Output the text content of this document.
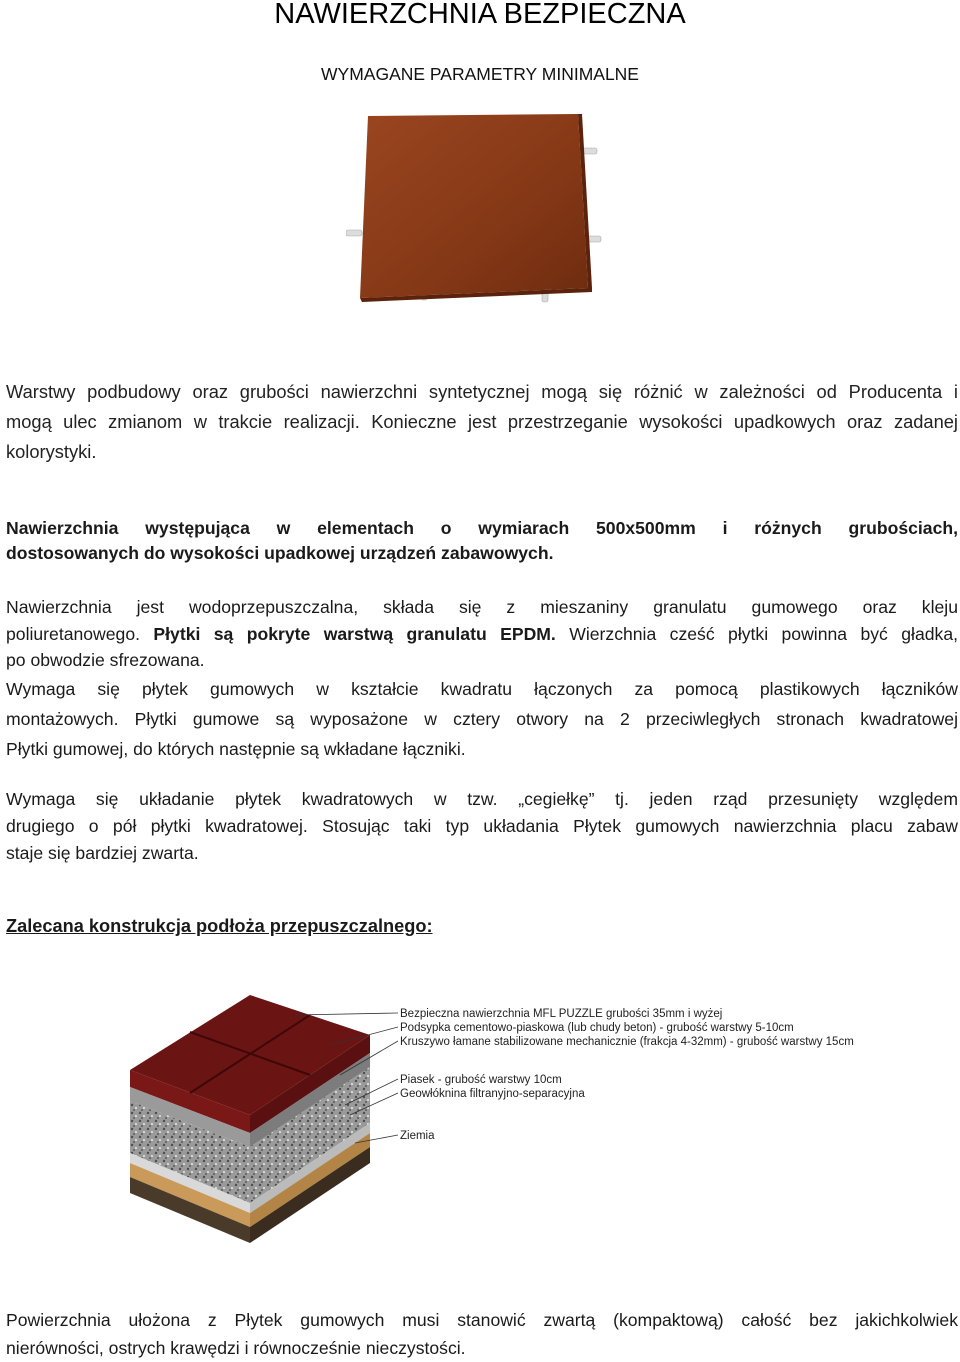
NAWIERZCHNIA BEZPIECZNA
WYMAGANE PARAMETRY MINIMALNE
Warstwy podbudowy oraz grubości nawierzchni syntetycznej mogą się różnić w zależności od Producenta i
mogą ulec zmianom w trakcie realizacji. Konieczne jest przestrzeganie wysokości upadkowych oraz zadanej
kolorystyki.
Nawierzchnia występująca w elementach o wymiarach 500x500mm i różnych grubościach,
dostosowanych do wysokości upadkowej urządzeń zabawowych.
Nawierzchnia jest wodoprzepuszczalna, składa się z mieszaniny granulatu gumowego oraz kleju
poliuretanowego. Płytki są pokryte warstwą granulatu EPDM. Wierzchnia cześć płytki powinna być gładka,
po obwodzie sfrezowana.
Wymaga się płytek gumowych w kształcie kwadratu łączonych za pomocą plastikowych łączników
montażowych. Płytki gumowe są wyposażone w cztery otwory na 2 przeciwległych stronach kwadratowej
Płytki gumowej, do których następnie są wkładane łączniki.
Wymaga się układanie płytek kwadratowych w tzw. „cegiełkę” tj. jeden rząd przesunięty względem
drugiego o pół płytki kwadratowej. Stosując taki typ układania Płytek gumowych nawierzchnia placu zabaw
staje się bardziej zwarta.
Zalecana konstrukcja podłoża przepuszczalnego:
Bezpieczna nawierzchnia MFL PUZZLE grubości 35mm i wyżej
Podsypka cementowo-piaskowa (lub chudy beton) - grubość warstwy 5-10cm
Kruszywo łamane stabilizowane mechanicznie (frakcja 4-32mm) - grubość warstwy 15cm
Piasek - grubość warstwy 10cm
Geowłóknina filtranyjno-separacyjna
Ziemia
Powierzchnia ułożona z Płytek gumowych musi stanowić zwartą (kompaktową) całość bez jakichkolwiek
nierówności, ostrych krawędzi i równocześnie nieczystości.
